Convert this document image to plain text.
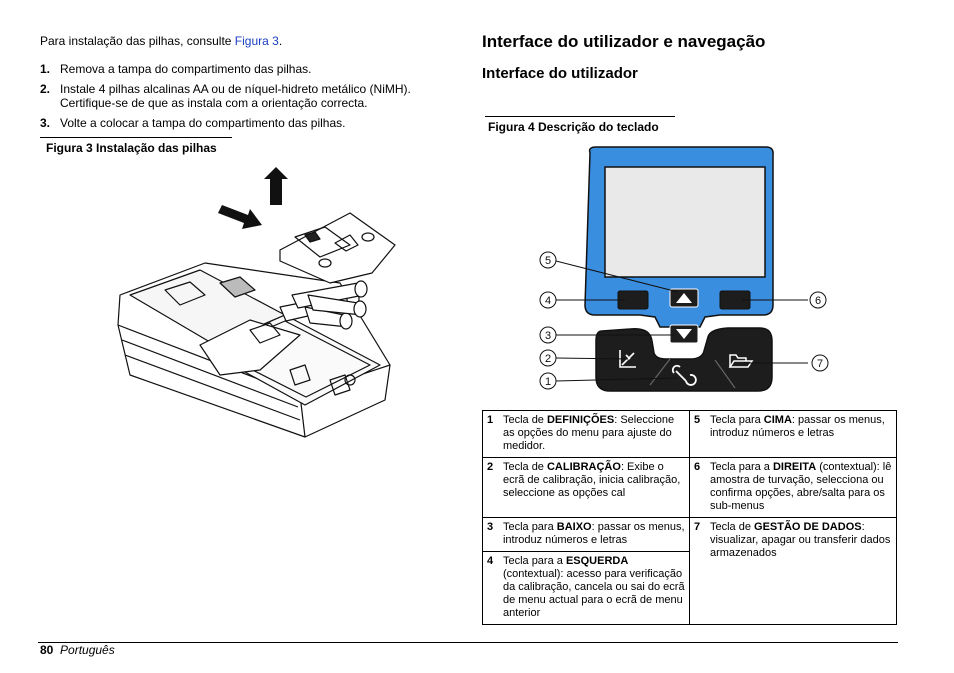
Para instalação das pilhas, consulte Figura 3.
1. Remova a tampa do compartimento das pilhas.
2. Instale 4 pilhas alcalinas AA ou de níquel-hidreto metálico (NiMH). Certifique-se de que as instala com a orientação correcta.
3. Volte a colocar a tampa do compartimento das pilhas.
Figura 3 Instalação das pilhas
Interface do utilizador e navegação
Interface do utilizador
Figura 4 Descrição do teclado
5
4
3
2
1
6
7
1	Tecla de DEFINIÇÕES: Seleccione as opções do menu para ajuste do medidor.	5	Tecla para CIMA: passar os menus, introduz números e letras
2	Tecla de CALIBRAÇÃO: Exibe o ecrã de calibração, inicia calibração, seleccione as opções cal	6	Tecla para a DIREITA (contextual): lê amostra de turvação, selecciona ou confirma opções, abre/salta para os sub-menus
3	Tecla para BAIXO: passar os menus, introduz números e letras	7	Tecla de GESTÃO DE DADOS: visualizar, apagar ou transferir dados armazenados
4	Tecla para a ESQUERDA (contextual): acesso para verificação da calibração, cancela ou sai do ecrã de menu actual para o ecrã de menu anterior		
80 Português
